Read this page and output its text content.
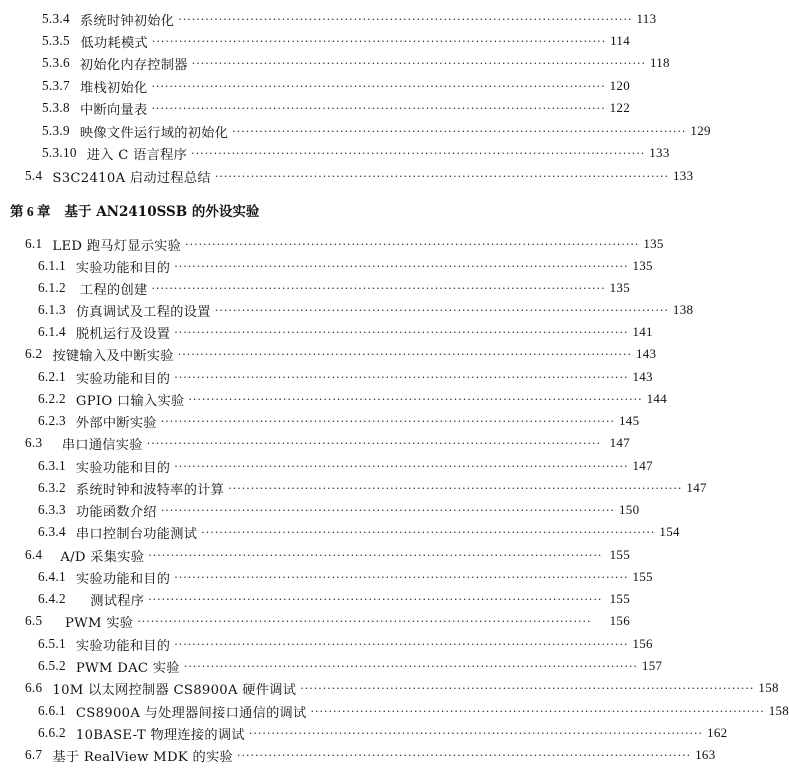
5.3.4 系统时钟初始化 ····································································································· 113
5.3.5 低功耗模式 ····································································································· 114
5.3.6 初始化内存控制器 ····································································································· 118
5.3.7 堆栈初始化 ····································································································· 120
5.3.8 中断向量表 ····································································································· 122
5.3.9 映像文件运行域的初始化 ····································································································· 129
5.3.10 进入 C 语言程序 ····································································································· 133
5.4 S3C2410A 启动过程总结 ····································································································· 133
第 6 章 基于 AN2410SSB 的外设实验
6.1 LED 跑马灯显示实验 ····································································································· 135
6.1.1 实验功能和目的 ····································································································· 135
6.1.2	工程的创建 ····································································································· 135
6.1.3 仿真调试及工程的设置 ····································································································· 138
6.1.4 脱机运行及设置 ····································································································· 141
6.2 按键输入及中断实验 ····································································································· 143
6.2.1 实验功能和目的 ····································································································· 143
6.2.2 GPIO 口输入实验 ····································································································· 144
6.2.3 外部中断实验 ····································································································· 145
6.3	串口通信实验 ····································································································· 147
6.3.1 实验功能和目的 ····································································································· 147
6.3.2 系统时钟和波特率的计算 ····································································································· 147
6.3.3 功能函数介绍 ····································································································· 150
6.3.4 串口控制台功能测试 ····································································································· 154
6.4	A/D 采集实验 ····································································································· 155
6.4.1 实验功能和目的 ····································································································· 155
6.4.2	测试程序 ····································································································· 155
6.5	PWM 实验 ·····································································································	156
6.5.1 实验功能和目的 ····································································································· 156
6.5.2 PWM DAC 实验 ····································································································· 157
6.6 10M 以太网控制器 CS8900A 硬件调试 ····································································································· 158
6.6.1 CS8900A 与处理器间接口通信的调试 ····································································································· 158
6.6.2 10BASE-T 物理连接的调试 ····································································································· 162
6.7 基于 RealView MDK 的实验 ····································································································· 163
